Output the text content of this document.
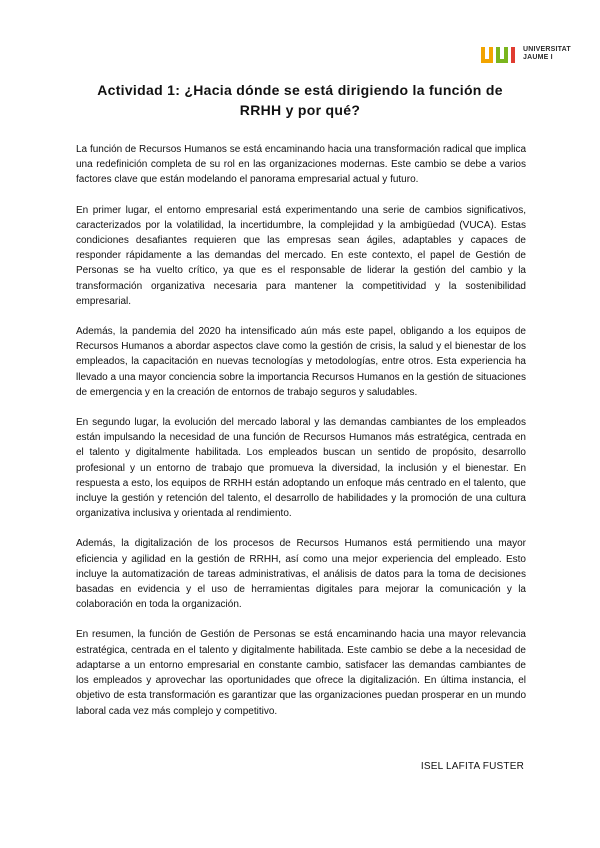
UNIVERSITAT
JAUME I
Actividad 1: ¿Hacia dónde se está dirigiendo la función de RRHH y por qué?

La función de Recursos Humanos se está encaminando hacia una transformación radical que implica una redefinición completa de su rol en las organizaciones modernas. Este cambio se debe a varios factores clave que están modelando el panorama empresarial actual y futuro.

En primer lugar, el entorno empresarial está experimentando una serie de cambios significativos, caracterizados por la volatilidad, la incertidumbre, la complejidad y la ambigüedad (VUCA). Estas condiciones desafiantes requieren que las empresas sean ágiles, adaptables y capaces de responder rápidamente a las demandas del mercado. En este contexto, el papel de Gestión de Personas se ha vuelto crítico, ya que es el responsable de liderar la gestión del cambio y la transformación organizativa necesaria para mantener la competitividad y la sostenibilidad empresarial.

Además, la pandemia del 2020 ha intensificado aún más este papel, obligando a los equipos de Recursos Humanos a abordar aspectos clave como la gestión de crisis, la salud y el bienestar de los empleados, la capacitación en nuevas tecnologías y metodologías, entre otros. Esta experiencia ha llevado a una mayor conciencia sobre la importancia Recursos Humanos en la gestión de situaciones de emergencia y en la creación de entornos de trabajo seguros y saludables.

En segundo lugar, la evolución del mercado laboral y las demandas cambiantes de los empleados están impulsando la necesidad de una función de Recursos Humanos más estratégica, centrada en el talento y digitalmente habilitada. Los empleados buscan un sentido de propósito, desarrollo profesional y un entorno de trabajo que promueva la diversidad, la inclusión y el bienestar. En respuesta a esto, los equipos de RRHH están adoptando un enfoque más centrado en el talento, que incluye la gestión y retención del talento, el desarrollo de habilidades y la promoción de una cultura organizativa inclusiva y orientada al rendimiento.

Además, la digitalización de los procesos de Recursos Humanos está permitiendo una mayor eficiencia y agilidad en la gestión de RRHH, así como una mejor experiencia del empleado. Esto incluye la automatización de tareas administrativas, el análisis de datos para la toma de decisiones basadas en evidencia y el uso de herramientas digitales para mejorar la comunicación y la colaboración en toda la organización.

En resumen, la función de Gestión de Personas se está encaminando hacia una mayor relevancia estratégica, centrada en el talento y digitalmente habilitada. Este cambio se debe a la necesidad de adaptarse a un entorno empresarial en constante cambio, satisfacer las demandas cambiantes de los empleados y aprovechar las oportunidades que ofrece la digitalización. En última instancia, el objetivo de esta transformación es garantizar que las organizaciones puedan prosperar en un mundo laboral cada vez más complejo y competitivo.

ISEL LAFITA FUSTER
